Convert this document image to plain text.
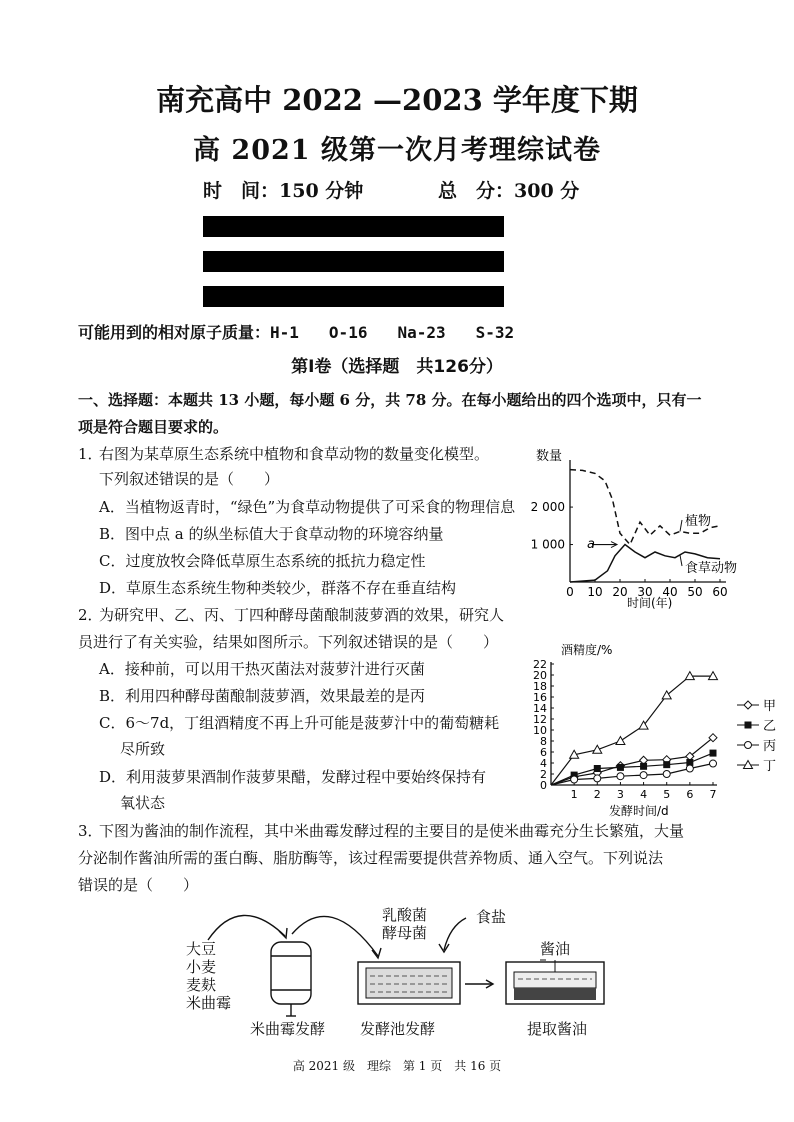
南充高中 2022 —2023 学年度下期
高 2021 级第一次月考理综试卷
时　间：150 分钟	总　分：300 分
可能用到的相对原子质量：H-1 O-16 Na-23 S-32
第Ⅰ卷（选择题　共126分）
一、选择题：本题共 13 小题，每小题 6 分，共 78 分。在每小题给出的四个选项中，只有一
项是符合题目要求的。
1．
右图为某草原生态系统中植物和食草动物的数量变化模型。
下列叙述错误的是（　　）
A．当植物返青时，“绿色”为食草动物提供了可采食的物理信息
B．图中点 a 的纵坐标值大于食草动物的环境容纳量
C．过度放牧会降低草原生态系统的抵抗力稳定性
D．草原生态系统生物种类较少，群落不存在垂直结构
2．
为研究甲、乙、丙、丁四种酵母菌酿制菠萝酒的效果，研究人
员进行了有关实验，结果如图所示。下列叙述错误的是（　　）
A．接种前，可以用干热灭菌法对菠萝汁进行灭菌
B．利用四种酵母菌酿制菠萝酒，效果最差的是丙
C．6～7d，丁组酒精度不再上升可能是菠萝汁中的葡萄糖耗
尽所致
D．利用菠萝果酒制作菠萝果醋，发酵过程中要始终保持有
氧状态
3．
下图为酱油的制作流程，其中米曲霉发酵过程的主要目的是使米曲霉充分生长繁殖，大量
分泌制作酱油所需的蛋白酶、脂肪酶等，该过程需要提供营养物质、通入空气。下列说法
错误的是（　　）
0 10 20 30 40 50 60
1 000
2 000
数量
时间(年)
a
植物
食草动物
0
2
4
6
8
10
12
14
16
18
20
22
1 2 3 4 5 6 7
甲
乙
丙
丁
酒精度/%
发酵时间/d
大豆
小麦
麦麸
米曲霉
米曲霉发酵
乳酸菌
酵母菌
食盐
发酵池发酵
酱油
提取酱油
高 2021 级　理综　第 1 页　共 16 页
